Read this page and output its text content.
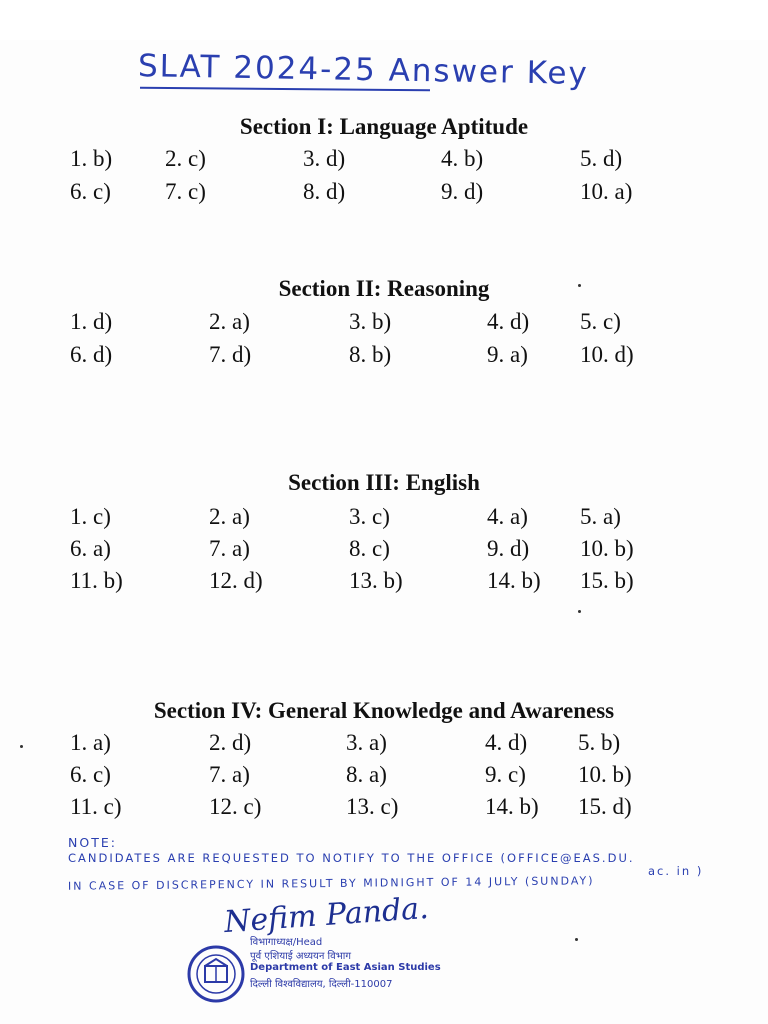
SLAT 2024-25 Answer Key
Section I: Language Aptitude
1. b) 2. c)	3. d)	4. b)	5. d)
6. c) 7. c)	8. d)	9. d)	10. a)
Section II: Reasoning
1. d)	2. a)	3. b)	4. d) 5. c)
6. d)	7. d)	8. b)	9. a) 10. d)
Section III: English
1. c)	2. a)	3. c)	4. a) 5. a)
6. a)	7. a)	8. c)	9. d) 10. b)
11. b)	12. d)	13. b)	14. b) 15. b)
Section IV: General Knowledge and Awareness
1. a)	2. d)	3. a)	4. d) 5. b)
6. c)	7. a)	8. a)	9. c) 10. b)
11. c)	12. c)	13. c)	14. b) 15. d)
NOTE:
CANDIDATES ARE REQUESTED TO NOTIFY TO THE OFFICE (OFFICE@EAS.DU.
ac. in )
IN CASE OF DISCREPENCY IN RESULT BY MIDNIGHT OF 14 JULY (SUNDAY)
Nefim Panda.
विभागाध्यक्ष/Head
पूर्व एशियाई अध्ययन विभाग
Department of East Asian Studies
दिल्ली विश्वविद्यालय, दिल्ली-110007
